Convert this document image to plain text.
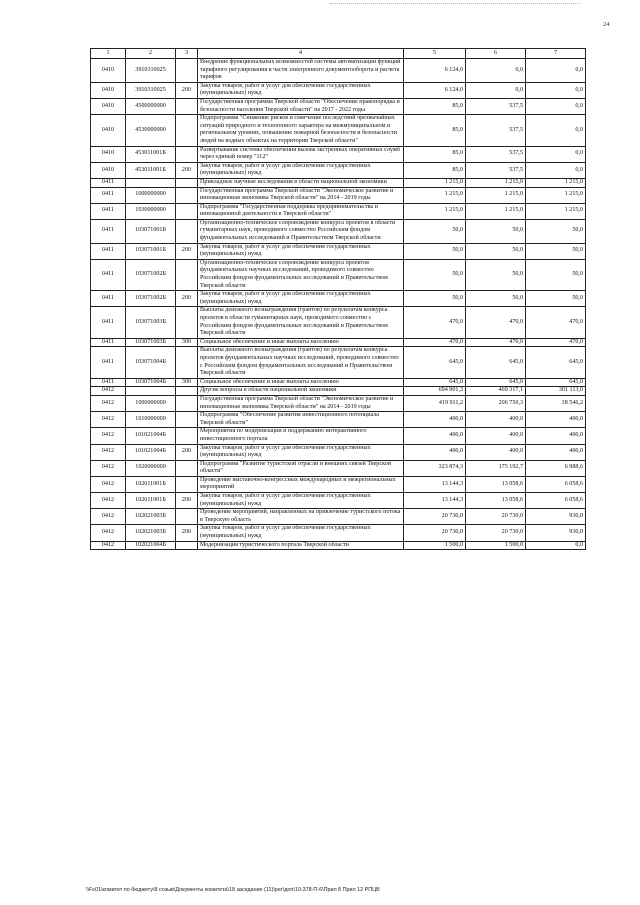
24
1	2	3	4	5	6	7
0410	3910310025		Внедрение функциональных возможностей системы автоматизации функций тарифного регулирования в части электронного документооборота и расчета тарифов	6 124,0	0,0	0,0
0410	3910310025	200	Закупка товаров, работ и услуг для обеспечения государственных (муниципальных) нужд	6 124,0	0,0	0,0
0410	4500000000		Государственная программа Тверской области "Обеспечение правопорядка и безопасности населения Тверской области" на 2017 - 2022 годы	85,0	537,5	0,0
0410	4530000000		Подпрограмма "Снижение рисков и смягчение последствий чрезвычайных ситуаций природного и техногенного характера на межмуниципальном и региональном уровнях, повышение пожарной безопасности и безопасности людей на водных объектах на территории Тверской области"	85,0	537,5	0,0
0410	453011001Б		Развертывание системы обеспечения вызова экстренных оперативных служб через единый номер "112"	85,0	537,5	0,0
0410	453011001Б	200	Закупка товаров, работ и услуг для обеспечения государственных (муниципальных) нужд	85,0	537,5	0,0
0411			Прикладные научные исследования в области национальной экономики	1 215,0	1 215,0	1 215,0
0411	1000000000		Государственная программа Тверской области "Экономическое развитие и инновационная экономика Тверской области" на 2014 - 2019 годы	1 215,0	1 215,0	1 215,0
0411	1030000000		Подпрограмма "Государственная поддержка предпринимательства и инновационной деятельности в Тверской области"	1 215,0	1 215,0	1 215,0
0411	103071001Б		Организационно-техническое сопровождение конкурса проектов в области гуманитарных наук, проводимого совместно Российским фондом фундаментальных исследований и Правительством Тверской области	50,0	50,0	50,0
0411	103071001Б	200	Закупка товаров, работ и услуг для обеспечения государственных (муниципальных) нужд	50,0	50,0	50,0
0411	103071002Б		Организационно-техническое сопровождение конкурса проектов фундаментальных научных исследований, проводимого совместно Российским фондом фундаментальных исследований и Правительством Тверской области	50,0	50,0	50,0
0411	103071002Б	200	Закупка товаров, работ и услуг для обеспечения государственных (муниципальных) нужд	50,0	50,0	50,0
0411	103071003Б		Выплаты денежного вознаграждения (грантов) по результатам конкурса проектов в области гуманитарных наук, проводимого совместно с Российским фондом фундаментальных исследований и Правительством Тверской области	470,0	470,0	470,0
0411	103071003Б	300	Социальное обеспечение и иные выплаты населению	470,0	470,0	470,0
0411	103071004Б		Выплаты денежного вознаграждения (грантов) по результатам конкурса проектов фундаментальных научных исследований, проводимого совместно с Российским фондом фундаментальных исследований и Правительством Тверской области	645,0	645,0	645,0
0411	103071004Б	300	Социальное обеспечение и иные выплаты населению	645,0	645,0	645,0
0412			Другие вопросы в области национальной экономики	694 901,3	469 317,1	301 113,0
0412	1000000000		Государственная программа Тверской области "Экономическое развитие и инновационная экономика Тверской области" на 2014 - 2019 годы	419 911,2	206 750,3	38 546,2
0412	1010000000		Подпрограмма "Обеспечение развития инвестиционного потенциала Тверской области"	400,0	400,0	400,0
0412	101021004Б		Мероприятия по модернизации и поддержанию интерактивного инвестиционного портала	400,0	400,0	400,0
0412	101021004Б	200	Закупка товаров, работ и услуг для обеспечения государственных (муниципальных) нужд	400,0	400,0	400,0
0412	1020000000		Подпрограмма "Развитие туристской отрасли и внешних связей Тверской области"	323 874,3	175 192,7	6 988,6
0412	102011001Б		Проведение выставочно-конгрессных международных и межрегиональных мероприятий	13 144,3	13 058,6	6 058,6
0412	102011001Б	200	Закупка товаров, работ и услуг для обеспечения государственных (муниципальных) нужд	13 144,3	13 058,6	6 058,6
0412	102021003Б		Проведение мероприятий, направленных на привлечение туристского потока в Тверскую область	20 730,0	20 730,0	930,0
0412	102021003Б	200	Закупка товаров, работ и услуг для обеспечения государственных (муниципальных) нужд	20 730,0	20 730,0	930,0
0412	102021004Б		Модернизация туристического портала Тверской области	1 500,0	1 500,0	0,0
\\Fs01\комитет по бюджету\8 созыв\Документы комитета\18 заседание (11)\рег\доп\10-378-П-6\Прил 8 Прил 12 РПЦВ
